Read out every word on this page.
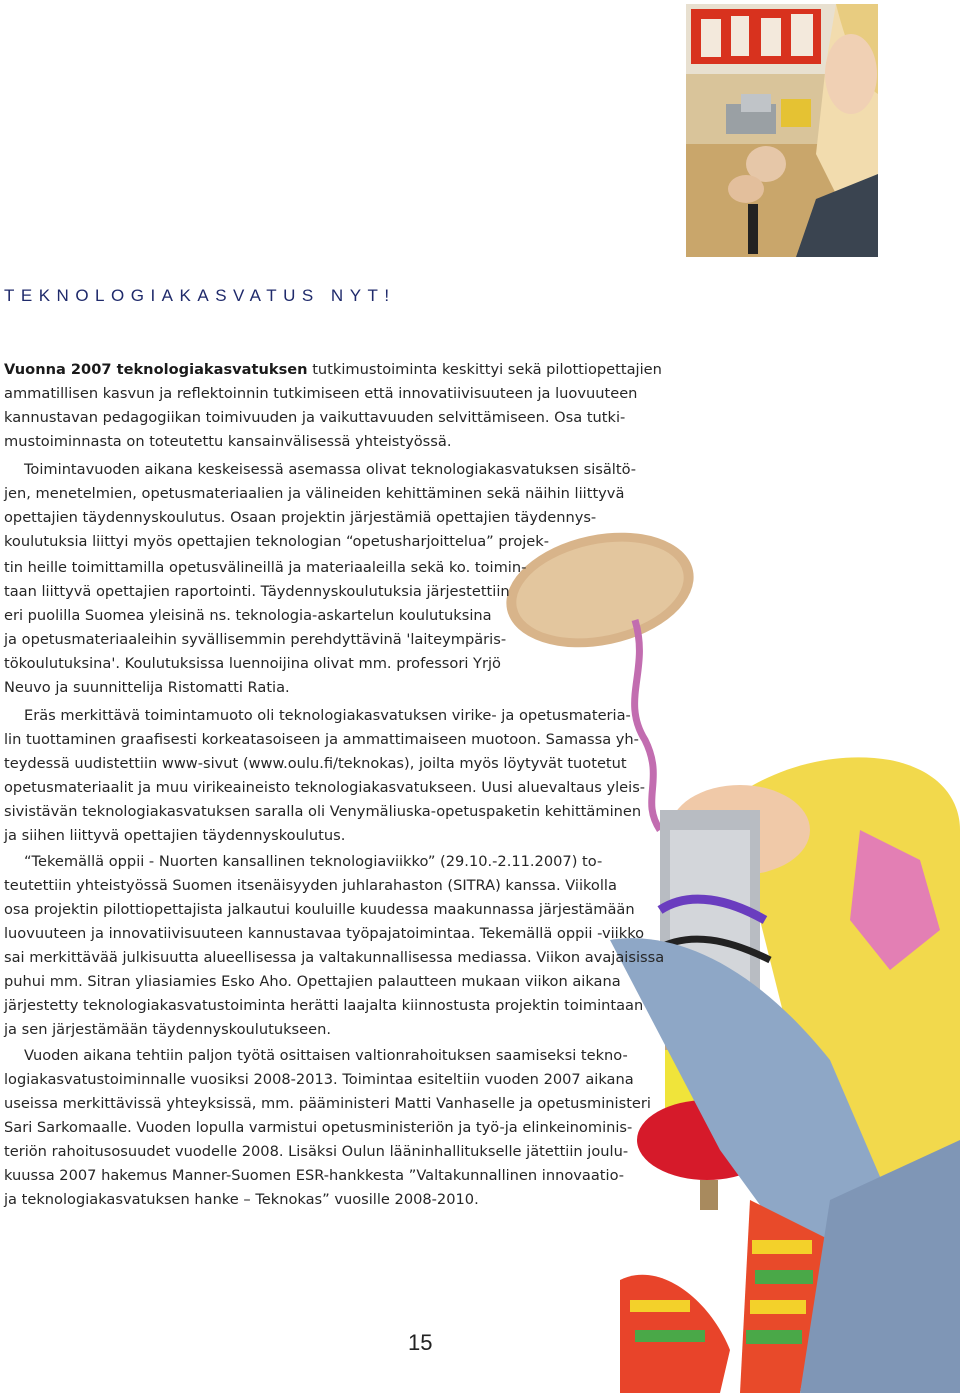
TEKNOLOGIAKASVATUS NYT!

Vuonna 2007 teknologiakasvatuksen tutkimustoiminta keskittyi sekä pilottiopettajien

ammatillisen kasvun ja reflektoinnin tutkimiseen että innovatiivisuuteen ja luovuuteen

kannustavan pedagogiikan toimivuuden ja vaikuttavuuden selvittämiseen. Osa tutki-

mustoiminnasta on toteutettu kansainvälisessä yhteistyössä.

Toimintavuoden aikana keskeisessä asemassa olivat teknologiakasvatuksen sisältö-

jen, menetelmien, opetusmateriaalien ja välineiden kehittäminen sekä näihin liittyvä

opettajien täydennyskoulutus. Osaan projektin järjestämiä opettajien täydennys-

koulutuksia liittyi myös opettajien teknologian “opetusharjoittelua” projek-

tin heille toimittamilla opetusvälineillä ja materiaaleilla sekä ko. toimin-

taan liittyvä opettajien raportointi. Täydennyskoulutuksia järjestettiin

eri puolilla Suomea yleisinä ns. teknologia-askartelun koulutuksina

ja opetusmateriaaleihin syvällisemmin perehdyttävinä 'laiteympäris-

tökoulutuksina'. Koulutuksissa luennoijina olivat mm. professori Yrjö

Neuvo ja suunnittelija Ristomatti Ratia.

Eräs merkittävä toimintamuoto oli teknologiakasvatuksen virike- ja opetusmateria-

lin tuottaminen graafisesti korkeatasoiseen ja ammattimaiseen muotoon. Samassa yh-

teydessä uudistettiin www-sivut (www.oulu.fi/teknokas), joilta myös löytyvät tuotetut

opetusmateriaalit ja muu virikeaineisto teknologiakasvatukseen. Uusi aluevaltaus yleis-

sivistävän teknologiakasvatuksen saralla oli Venymäliuska-opetuspaketin kehittäminen

ja siihen liittyvä opettajien täydennyskoulutus.

“Tekemällä oppii - Nuorten kansallinen teknologiaviikko” (29.10.-2.11.2007) to-

teutettiin yhteistyössä Suomen itsenäisyyden juhlarahaston (SITRA) kanssa. Viikolla

osa projektin pilottiopettajista jalkautui kouluille kuudessa maakunnassa järjestämään

luovuuteen ja innovatiivisuuteen kannustavaa työpajatoimintaa. Tekemällä oppii -viikko

sai merkittävää julkisuutta alueellisessa ja valtakunnallisessa mediassa. Viikon avajaisissa

puhui mm. Sitran yliasiamies Esko Aho. Opettajien palautteen mukaan viikon aikana

järjestetty teknologiakasvatustoiminta herätti laajalta kiinnostusta projektin toimintaan

ja sen järjestämään täydennyskoulutukseen.

Vuoden aikana tehtiin paljon työtä osittaisen valtionrahoituksen saamiseksi tekno-

logiakasvatustoiminnalle vuosiksi 2008-2013. Toimintaa esiteltiin vuoden 2007 aikana

useissa merkittävissä yhteyksissä, mm. pääministeri Matti Vanhaselle ja opetusministeri

Sari Sarkomaalle. Vuoden lopulla varmistui opetusministeriön ja työ-ja elinkeinominis-

teriön rahoitusosuudet vuodelle 2008. Lisäksi Oulun lääninhallitukselle jätettiin joulu-

kuussa 2007 hakemus Manner-Suomen ESR-hankkesta ”Valtakunnallinen innovaatio-

ja teknologiakasvatuksen hanke – Teknokas” vuosille 2008-2010.

15
